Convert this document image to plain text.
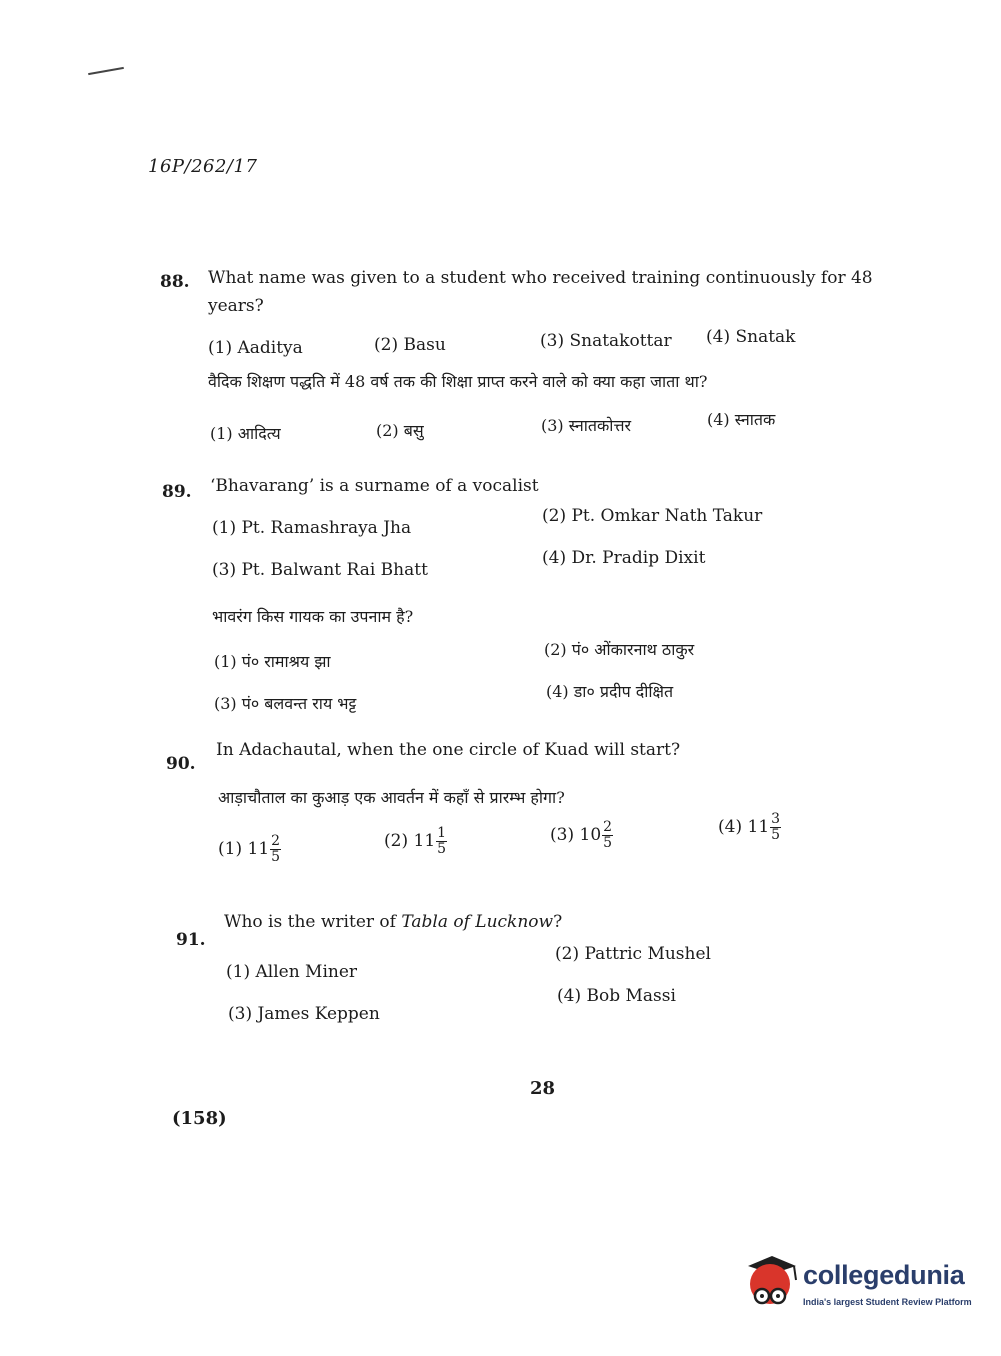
16P/262/17
88. What name was given to a student who received training continuously for 48
years?
(1) Aaditya	(2) Basu	(3) Snatakottar (4) Snatak
वैदिक शिक्षण पद्धति में 48 वर्ष तक की शिक्षा प्राप्त करने वाले को क्या कहा जाता था?
(1) आदित्य	(2) बसु	(3) स्नातकोत्तर	(4) स्नातक
89. ‘Bhavarang’ is a surname of a vocalist
(1) Pt. Ramashraya Jha
(2) Pt. Omkar Nath Takur
(3) Pt. Balwant Rai Bhatt
(4) Dr. Pradip Dixit
भावरंग किस गायक का उपनाम है?
(1) पं० रामाश्रय झा
(2) पं० ओंकारनाथ ठाकुर
(3) पं० बलवन्त राय भट्ट
(4) डा० प्रदीप दीक्षित
90.
In Adachautal, when the one circle of Kuad will start?
आड़ाचौताल का कुआड़ एक आवर्तन में कहाँ से प्रारम्भ होगा?
(1) $11 \frac{2}{5}$	(2) $11 \frac{1}{5}$	(3) $10 \frac{2}{5}$	(4) $11 \frac{3}{5}$
91.
Who is the writer of Tabla of Lucknow?
(1) Allen Miner
(2) Pattric Mushel
(3) James Keppen
(4) Bob Massi
28
(158)
collegedunia
India's largest Student Review Platform
